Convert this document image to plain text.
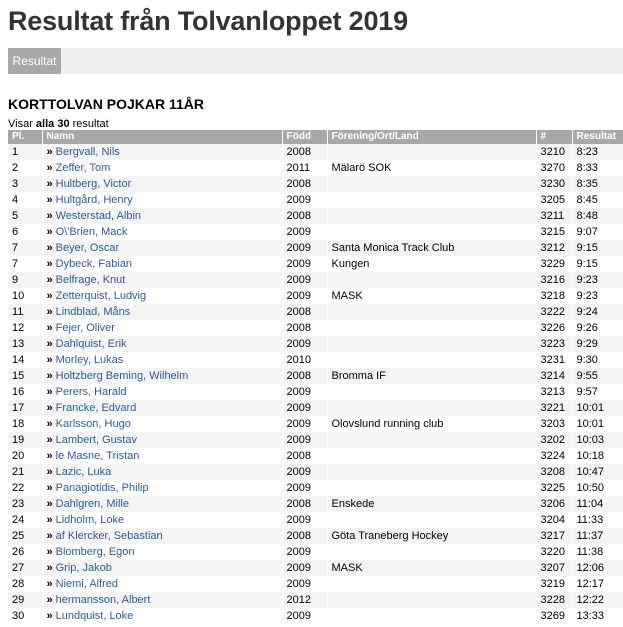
Resultat från Tolvanloppet 2019
Resultat
KORTTOLVAN POJKAR 11ÅR
Visar alla 30 resultat
Pl.	Namn	Född	Förening/Ort/Land	#	Resultat
1	» Bergvall, Nils	2008		3210	8:23
2	» Zeffer, Tom	2011	Mälarö SOK	3270	8:33
3	» Hultberg, Victor	2008		3230	8:35
4	» Hultgård, Henry	2009		3205	8:45
5	» Westerstad, Albin	2008		3211	8:48
6	» O\'Brien, Mack	2009		3215	9:07
7	» Beyer, Oscar	2009	Santa Monica Track Club	3212	9:15
7	» Dybeck, Fabian	2009	Kungen	3229	9:15
9	» Belfrage, Knut	2009		3216	9:23
10	» Zetterquist, Ludvig	2009	MASK	3218	9:23
11	» Lindblad, Måns	2008		3222	9:24
12	» Fejer, Oliver	2008		3226	9:26
13	» Dahlquist, Erik	2009		3223	9:29
14	» Morley, Lukas	2010		3231	9:30
15	» Holtzberg Beming, Wilhelm	2008	Bromma IF	3214	9:55
16	» Perers, Harald	2009		3213	9:57
17	» Francke, Edvard	2009		3221	10:01
18	» Karlsson, Hugo	2009	Olovslund running club	3203	10:01
19	» Lambert, Gustav	2009		3202	10:03
20	» le Masne, Tristan	2008		3224	10:18
21	» Lazic, Luka	2009		3208	10:47
22	» Panagiotidis, Philip	2009		3225	10:50
23	» Dahlgren, Mille	2008	Enskede	3206	11:04
24	» Lidholm, Loke	2009		3204	11:33
25	» af Klercker, Sebastian	2008	Göta Traneberg Hockey	3217	11:37
26	» Blomberg, Egon	2009		3220	11:38
27	» Grip, Jakob	2009	MASK	3207	12:06
28	» Niemi, Alfred	2009		3219	12:17
29	» hermansson, Albert	2012		3228	12:22
30	» Lundquist, Loke	2009		3269	13:33
